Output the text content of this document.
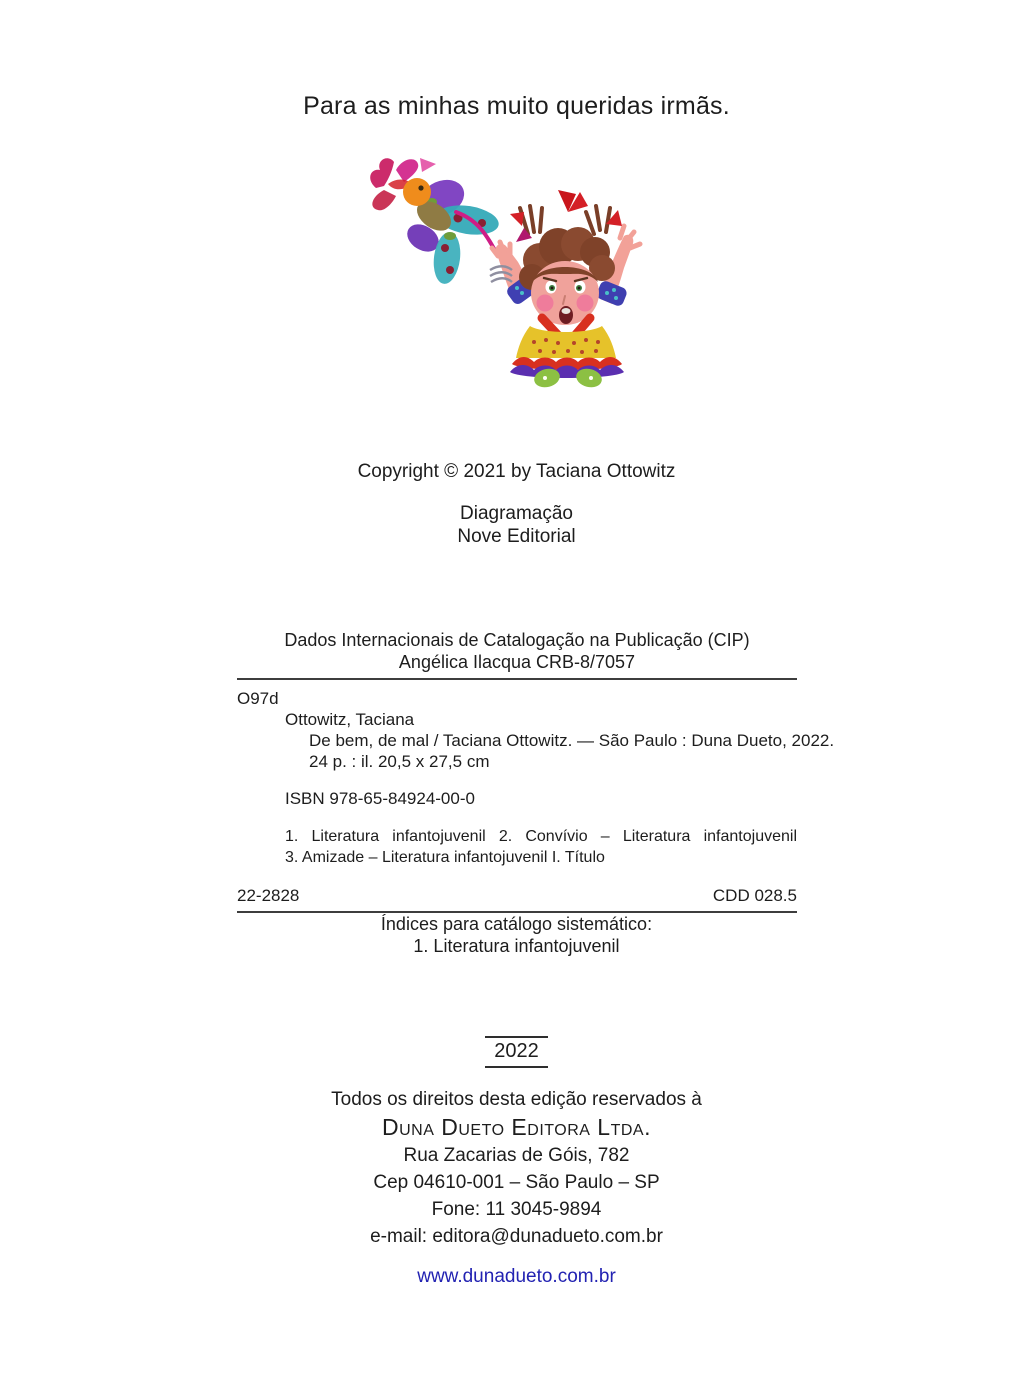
Para as minhas muito queridas irmãs.
Copyright © 2021 by Taciana Ottowitz
Diagramação
Nove Editorial
Dados Internacionais de Catalogação na Publicação (CIP)
Angélica Ilacqua CRB-8/7057
O97d
Ottowitz, Taciana
De bem, de mal / Taciana Ottowitz. — São Paulo : Duna Dueto, 2022.
24 p. : il. 20,5 x 27,5 cm
ISBN 978-65-84924-00-0
1. Literatura infantojuvenil 2. Convívio – Literatura infantojuvenil
3. Amizade – Literatura infantojuvenil I. Título
22-2828	CDD 028.5
Índices para catálogo sistemático:
1. Literatura infantojuvenil
2022
Todos os direitos desta edição reservados à
Duna Dueto Editora Ltda.
Rua Zacarias de Góis, 782
Cep 04610-001 – São Paulo – SP
Fone: 11 3045-9894
e-mail: editora@dunadueto.com.br
www.dunadueto.com.br
